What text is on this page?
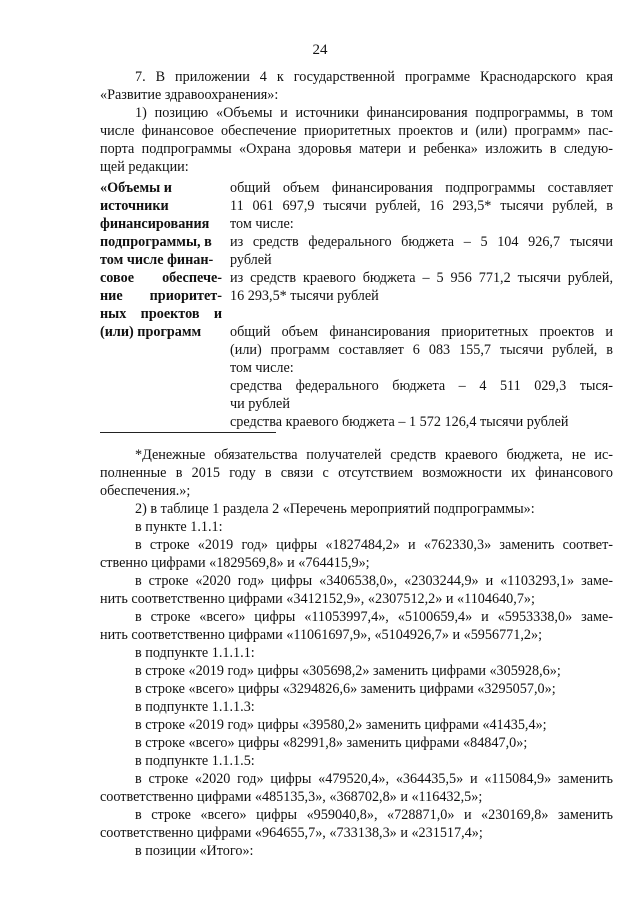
24
7. В приложении 4 к государственной программе Краснодарского края
«Развитие здравоохранения»:
1) позицию «Объемы и источники финансирования подпрограммы, в том
числе финансовое обеспечение приоритетных проектов и (или) программ» пас-
порта подпрограммы «Охрана здоровья матери и ребенка» изложить в следую-
щей редакции:
«Объемы и
источники
финансирования
подпрограммы, в
том числе финан-
совое обеспече-
ние приоритет-
ных проектов и
(или) программ
общий объем финансирования подпрограммы составляет
11 061 697,9 тысячи рублей, 16 293,5* тысячи рублей, в
том числе:
из средств федерального бюджета – 5 104 926,7 тысячи
рублей
из средств краевого бюджета – 5 956 771,2 тысячи рублей,
16 293,5* тысячи рублей
общий объем финансирования приоритетных проектов и
(или) программ составляет 6 083 155,7 тысячи рублей, в
том числе:
средства федерального бюджета – 4 511 029,3 тыся-
чи рублей
средства краевого бюджета – 1 572 126,4 тысячи рублей
*Денежные обязательства получателей средств краевого бюджета, не ис-
полненные в 2015 году в связи с отсутствием возможности их финансового
обеспечения.»;
2) в таблице 1 раздела 2 «Перечень мероприятий подпрограммы»:
в пункте 1.1.1:
в строке «2019 год» цифры «1827484,2» и «762330,3» заменить соответ-
ственно цифрами «1829569,8» и «764415,9»;
в строке «2020 год» цифры «3406538,0», «2303244,9» и «1103293,1» заме-
нить соответственно цифрами «3412152,9», «2307512,2» и «1104640,7»;
в строке «всего» цифры «11053997,4», «5100659,4» и «5953338,0» заме-
нить соответственно цифрами «11061697,9», «5104926,7» и «5956771,2»;
в подпункте 1.1.1.1:
в строке «2019 год» цифры «305698,2» заменить цифрами «305928,6»;
в строке «всего» цифры «3294826,6» заменить цифрами «3295057,0»;
в подпункте 1.1.1.3:
в строке «2019 год» цифры «39580,2» заменить цифрами «41435,4»;
в строке «всего» цифры «82991,8» заменить цифрами «84847,0»;
в подпункте 1.1.1.5:
в строке «2020 год» цифры «479520,4», «364435,5» и «115084,9» заменить
соответственно цифрами «485135,3», «368702,8» и «116432,5»;
в строке «всего» цифры «959040,8», «728871,0» и «230169,8» заменить
соответственно цифрами «964655,7», «733138,3» и «231517,4»;
в позиции «Итого»:
